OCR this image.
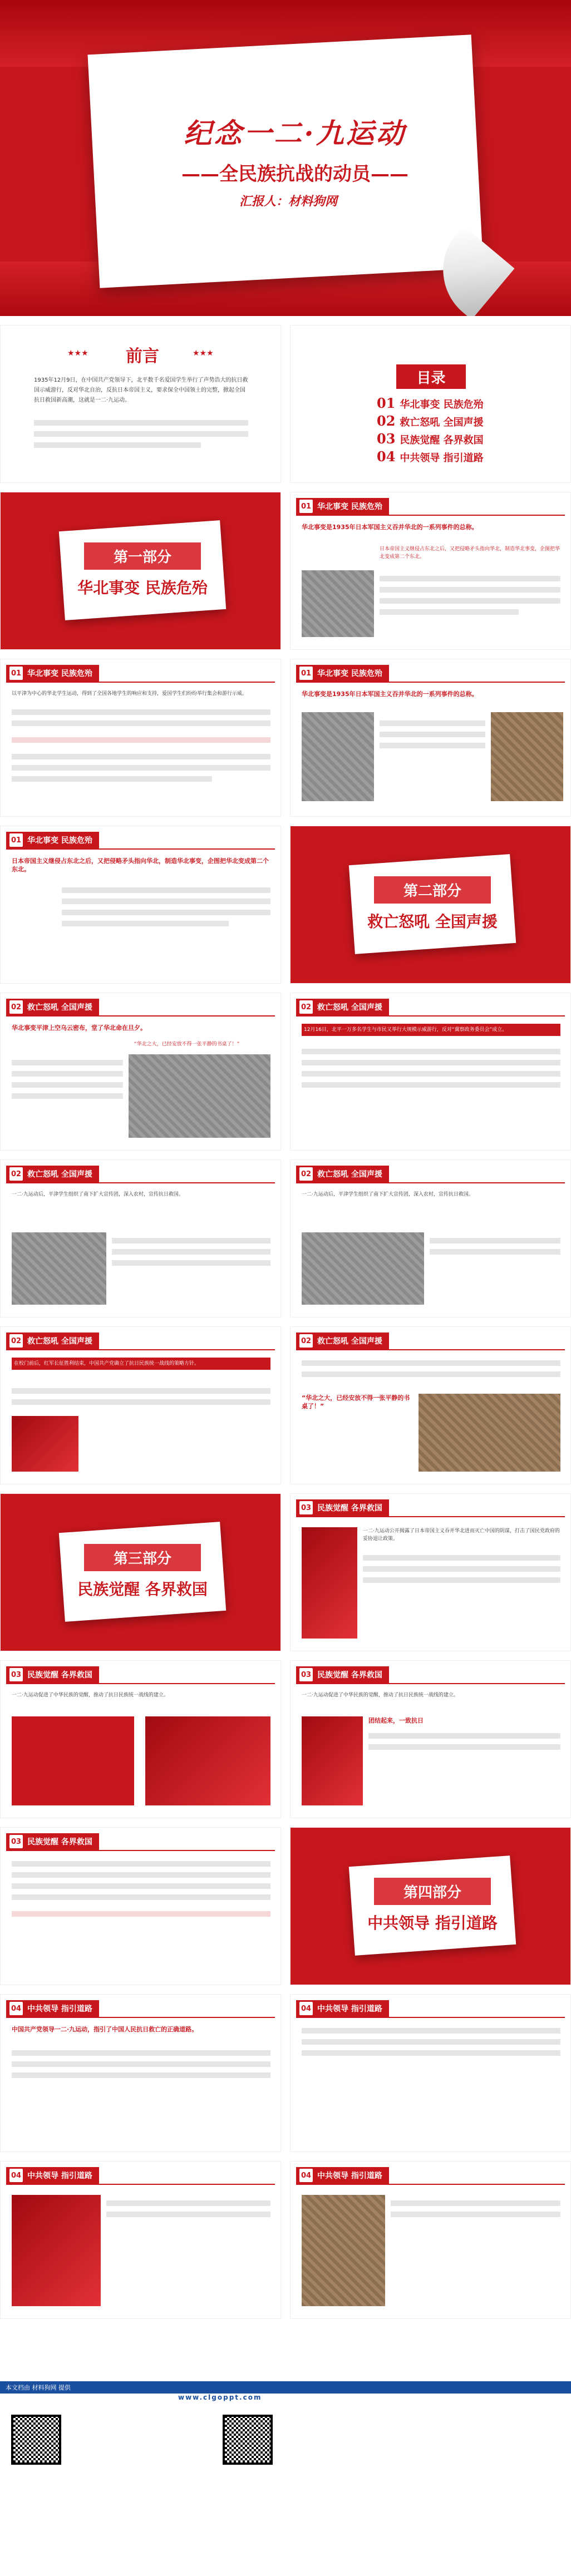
纪念一二·九运动
——全民族抗战的动员——
汇报人：材料狗网
★★★	前言	★★★
1935年12月9日，在中国共产党领导下，北平数千名爱国学生举行了声势浩大的抗日救国示威游行，反对华北自治，反抗日本帝国主义，要求保全中国领土的完整，掀起全国抗日救国新高潮，这就是一二·九运动。
目录
01 华北事变 民族危殆
02 救亡怒吼 全国声援
03 民族觉醒 各界救国
04 中共领导 指引道路
第一部分
华北事变 民族危殆
01 华北事变 民族危殆
华北事变是1935年日本军国主义吞并华北的一系列事件的总称。
日本帝国主义继侵占东北之后，又把侵略矛头指向华北，制造华北事变，企图把华北变成第二个东北。
01 华北事变 民族危殆
以平津为中心的华北学生运动，得到了全国各地学生的响应和支持，爱国学生们纷纷举行集会和游行示威。
01 华北事变 民族危殆
华北事变是1935年日本军国主义吞并华北的一系列事件的总称。
01 华北事变 民族危殆
日本帝国主义继侵占东北之后，又把侵略矛头指向华北，制造华北事变，企图把华北变成第二个东北。
第二部分
救亡怒吼 全国声援
02 救亡怒吼 全国声援
华北事变平津上空乌云密布，堂了华北命在旦夕。
“华北之大，已经安放不得一张平静的书桌了！”
02 救亡怒吼 全国声援
12月16日，北平一万多名学生与市民又举行大规模示威游行，反对“冀察政务委员会”成立。
02 救亡怒吼 全国声援
一二·九运动后，平津学生组织了南下扩大宣传团，深入农村，宣传抗日救国。
02 救亡怒吼 全国声援
一二·九运动后，平津学生组织了南下扩大宣传团，深入农村，宣传抗日救国。
02 救亡怒吼 全国声援
在校门前后，红军长征胜利结束，中国共产党确立了抗日民族统一战线的策略方针。
02 救亡怒吼 全国声援
“华北之大，已经安放不得一张平静的书桌了！”
第三部分
民族觉醒 各界救国
03 民族觉醒 各界救国
一二·九运动公开揭露了日本帝国主义吞并华北进而灭亡中国的阴谋，打击了国民党政府的妥协退让政策。
03 民族觉醒 各界救国
一二·九运动促进了中华民族的觉醒，推动了抗日民族统一战线的建立。
03 民族觉醒 各界救国
一二·九运动促进了中华民族的觉醒，推动了抗日民族统一战线的建立。
团结起来，一致抗日
03 民族觉醒 各界救国
第四部分
中共领导 指引道路
04 中共领导 指引道路
中国共产党领导一二·九运动，指引了中国人民抗日救亡的正确道路。
04 中共领导 指引道路
04 中共领导 指引道路	04 中共领导 指引道路
本文档由 材料狗网 提供
www.clgoppt.com
